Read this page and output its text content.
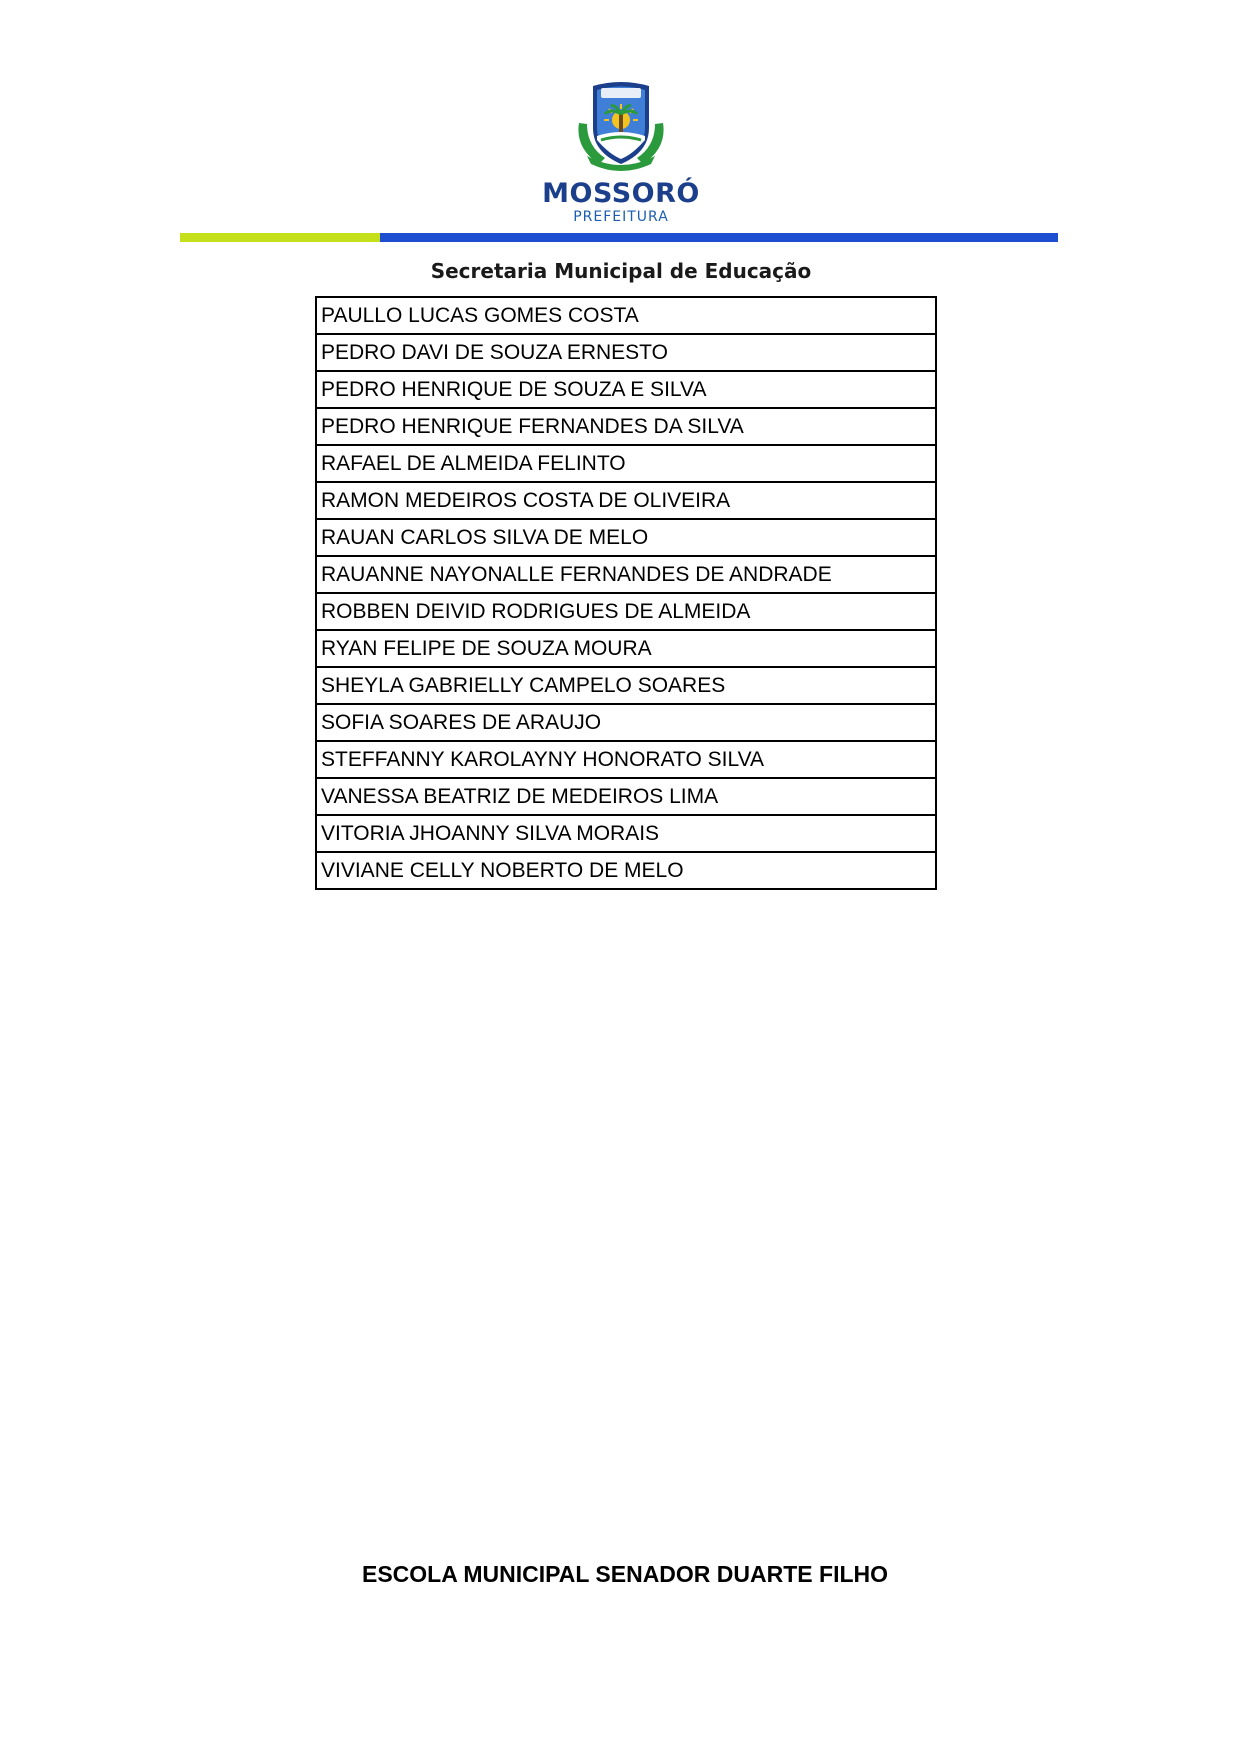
MOSSORÓ
PREFEITURA
Secretaria Municipal de Educação
PAULLO LUCAS GOMES COSTA
PEDRO DAVI DE SOUZA ERNESTO
PEDRO HENRIQUE DE SOUZA E SILVA
PEDRO HENRIQUE FERNANDES DA SILVA
RAFAEL DE ALMEIDA FELINTO
RAMON MEDEIROS COSTA DE OLIVEIRA
RAUAN CARLOS SILVA DE MELO
RAUANNE NAYONALLE FERNANDES DE ANDRADE
ROBBEN DEIVID RODRIGUES DE ALMEIDA
RYAN FELIPE DE SOUZA MOURA
SHEYLA GABRIELLY CAMPELO SOARES
SOFIA SOARES DE ARAUJO
STEFFANNY KAROLAYNY HONORATO SILVA
VANESSA BEATRIZ DE MEDEIROS LIMA
VITORIA JHOANNY SILVA MORAIS
VIVIANE CELLY NOBERTO DE MELO
ESCOLA MUNICIPAL SENADOR DUARTE FILHO
